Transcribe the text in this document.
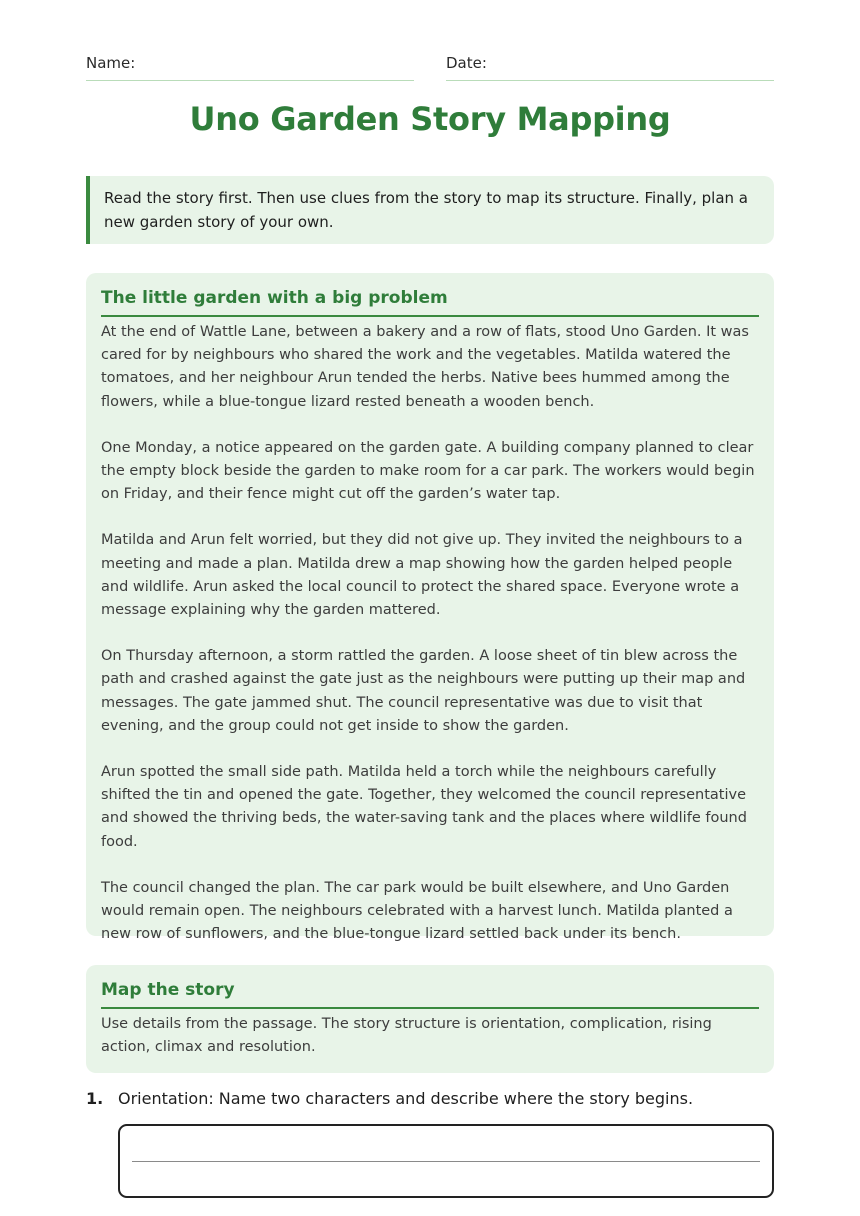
Name:	Date:
Uno Garden Story Mapping
Read the story first. Then use clues from the story to map its structure. Finally, plan a new garden story of your own.
The little garden with a big problem

At the end of Wattle Lane, between a bakery and a row of flats, stood Uno Garden. It was cared for by neighbours who shared the work and the vegetables. Matilda watered the tomatoes, and her neighbour Arun tended the herbs. Native bees hummed among the flowers, while a blue-tongue lizard rested beneath a wooden bench.

One Monday, a notice appeared on the garden gate. A building company planned to clear the empty block beside the garden to make room for a car park. The workers would begin on Friday, and their fence might cut off the garden’s water tap.

Matilda and Arun felt worried, but they did not give up. They invited the neighbours to a meeting and made a plan. Matilda drew a map showing how the garden helped people and wildlife. Arun asked the local council to protect the shared space. Everyone wrote a message explaining why the garden mattered.

On Thursday afternoon, a storm rattled the garden. A loose sheet of tin blew across the path and crashed against the gate just as the neighbours were putting up their map and messages. The gate jammed shut. The council representative was due to visit that evening, and the group could not get inside to show the garden.

Arun spotted the small side path. Matilda held a torch while the neighbours carefully shifted the tin and opened the gate. Together, they welcomed the council representative and showed the thriving beds, the water-saving tank and the places where wildlife found food.

The council changed the plan. The car park would be built elsewhere, and Uno Garden would remain open. The neighbours celebrated with a harvest lunch. Matilda planted a new row of sunflowers, and the blue-tongue lizard settled back under its bench.

Map the story

Use details from the passage. The story structure is orientation, complication, rising action, climax and resolution.

1. Orientation: Name two characters and describe where the story begins.
